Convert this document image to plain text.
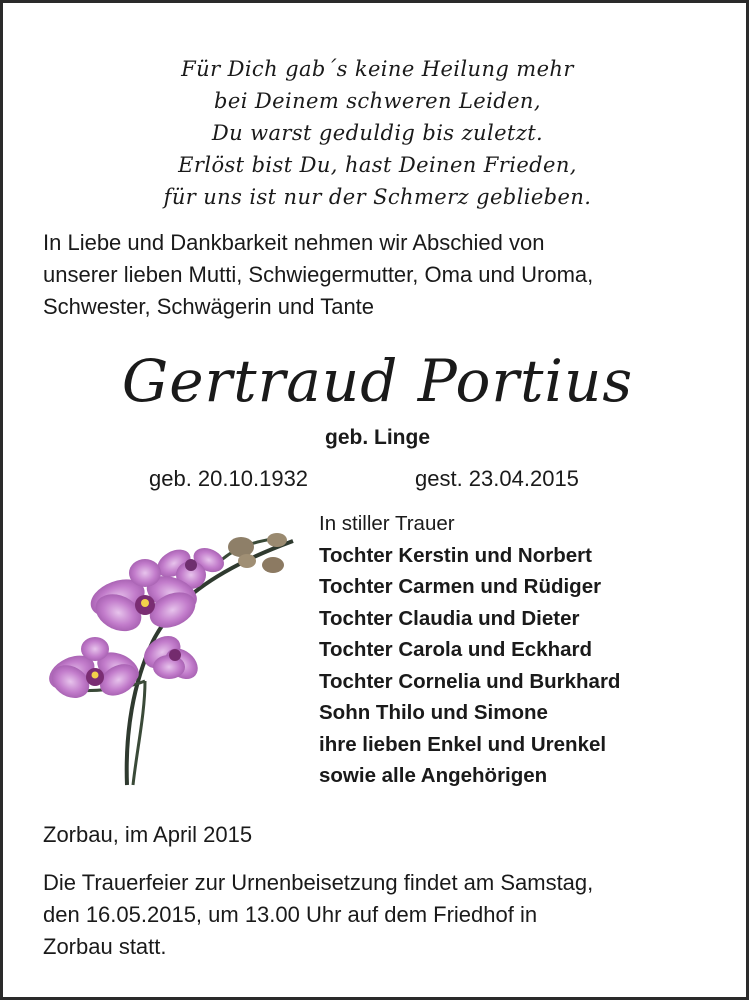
Für Dich gab´s keine Heilung mehr
bei Deinem schweren Leiden,
Du warst geduldig bis zuletzt.
Erlöst bist Du, hast Deinen Frieden,
für uns ist nur der Schmerz geblieben.
In Liebe und Dankbarkeit nehmen wir Abschied von
unserer lieben Mutti, Schwiegermutter, Oma und Uroma,
Schwester, Schwägerin und Tante
Gertraud Portius
geb. Linge
geb. 20.10.1932	gest. 23.04.2015
In stiller Trauer
Tochter Kerstin und Norbert
Tochter Carmen und Rüdiger
Tochter Claudia und Dieter
Tochter Carola und Eckhard
Tochter Cornelia und Burkhard
Sohn Thilo und Simone
ihre lieben Enkel und Urenkel
sowie alle Angehörigen
Zorbau, im April 2015
Die Trauerfeier zur Urnenbeisetzung findet am Samstag,
den 16.05.2015, um 13.00 Uhr auf dem Friedhof in
Zorbau statt.
